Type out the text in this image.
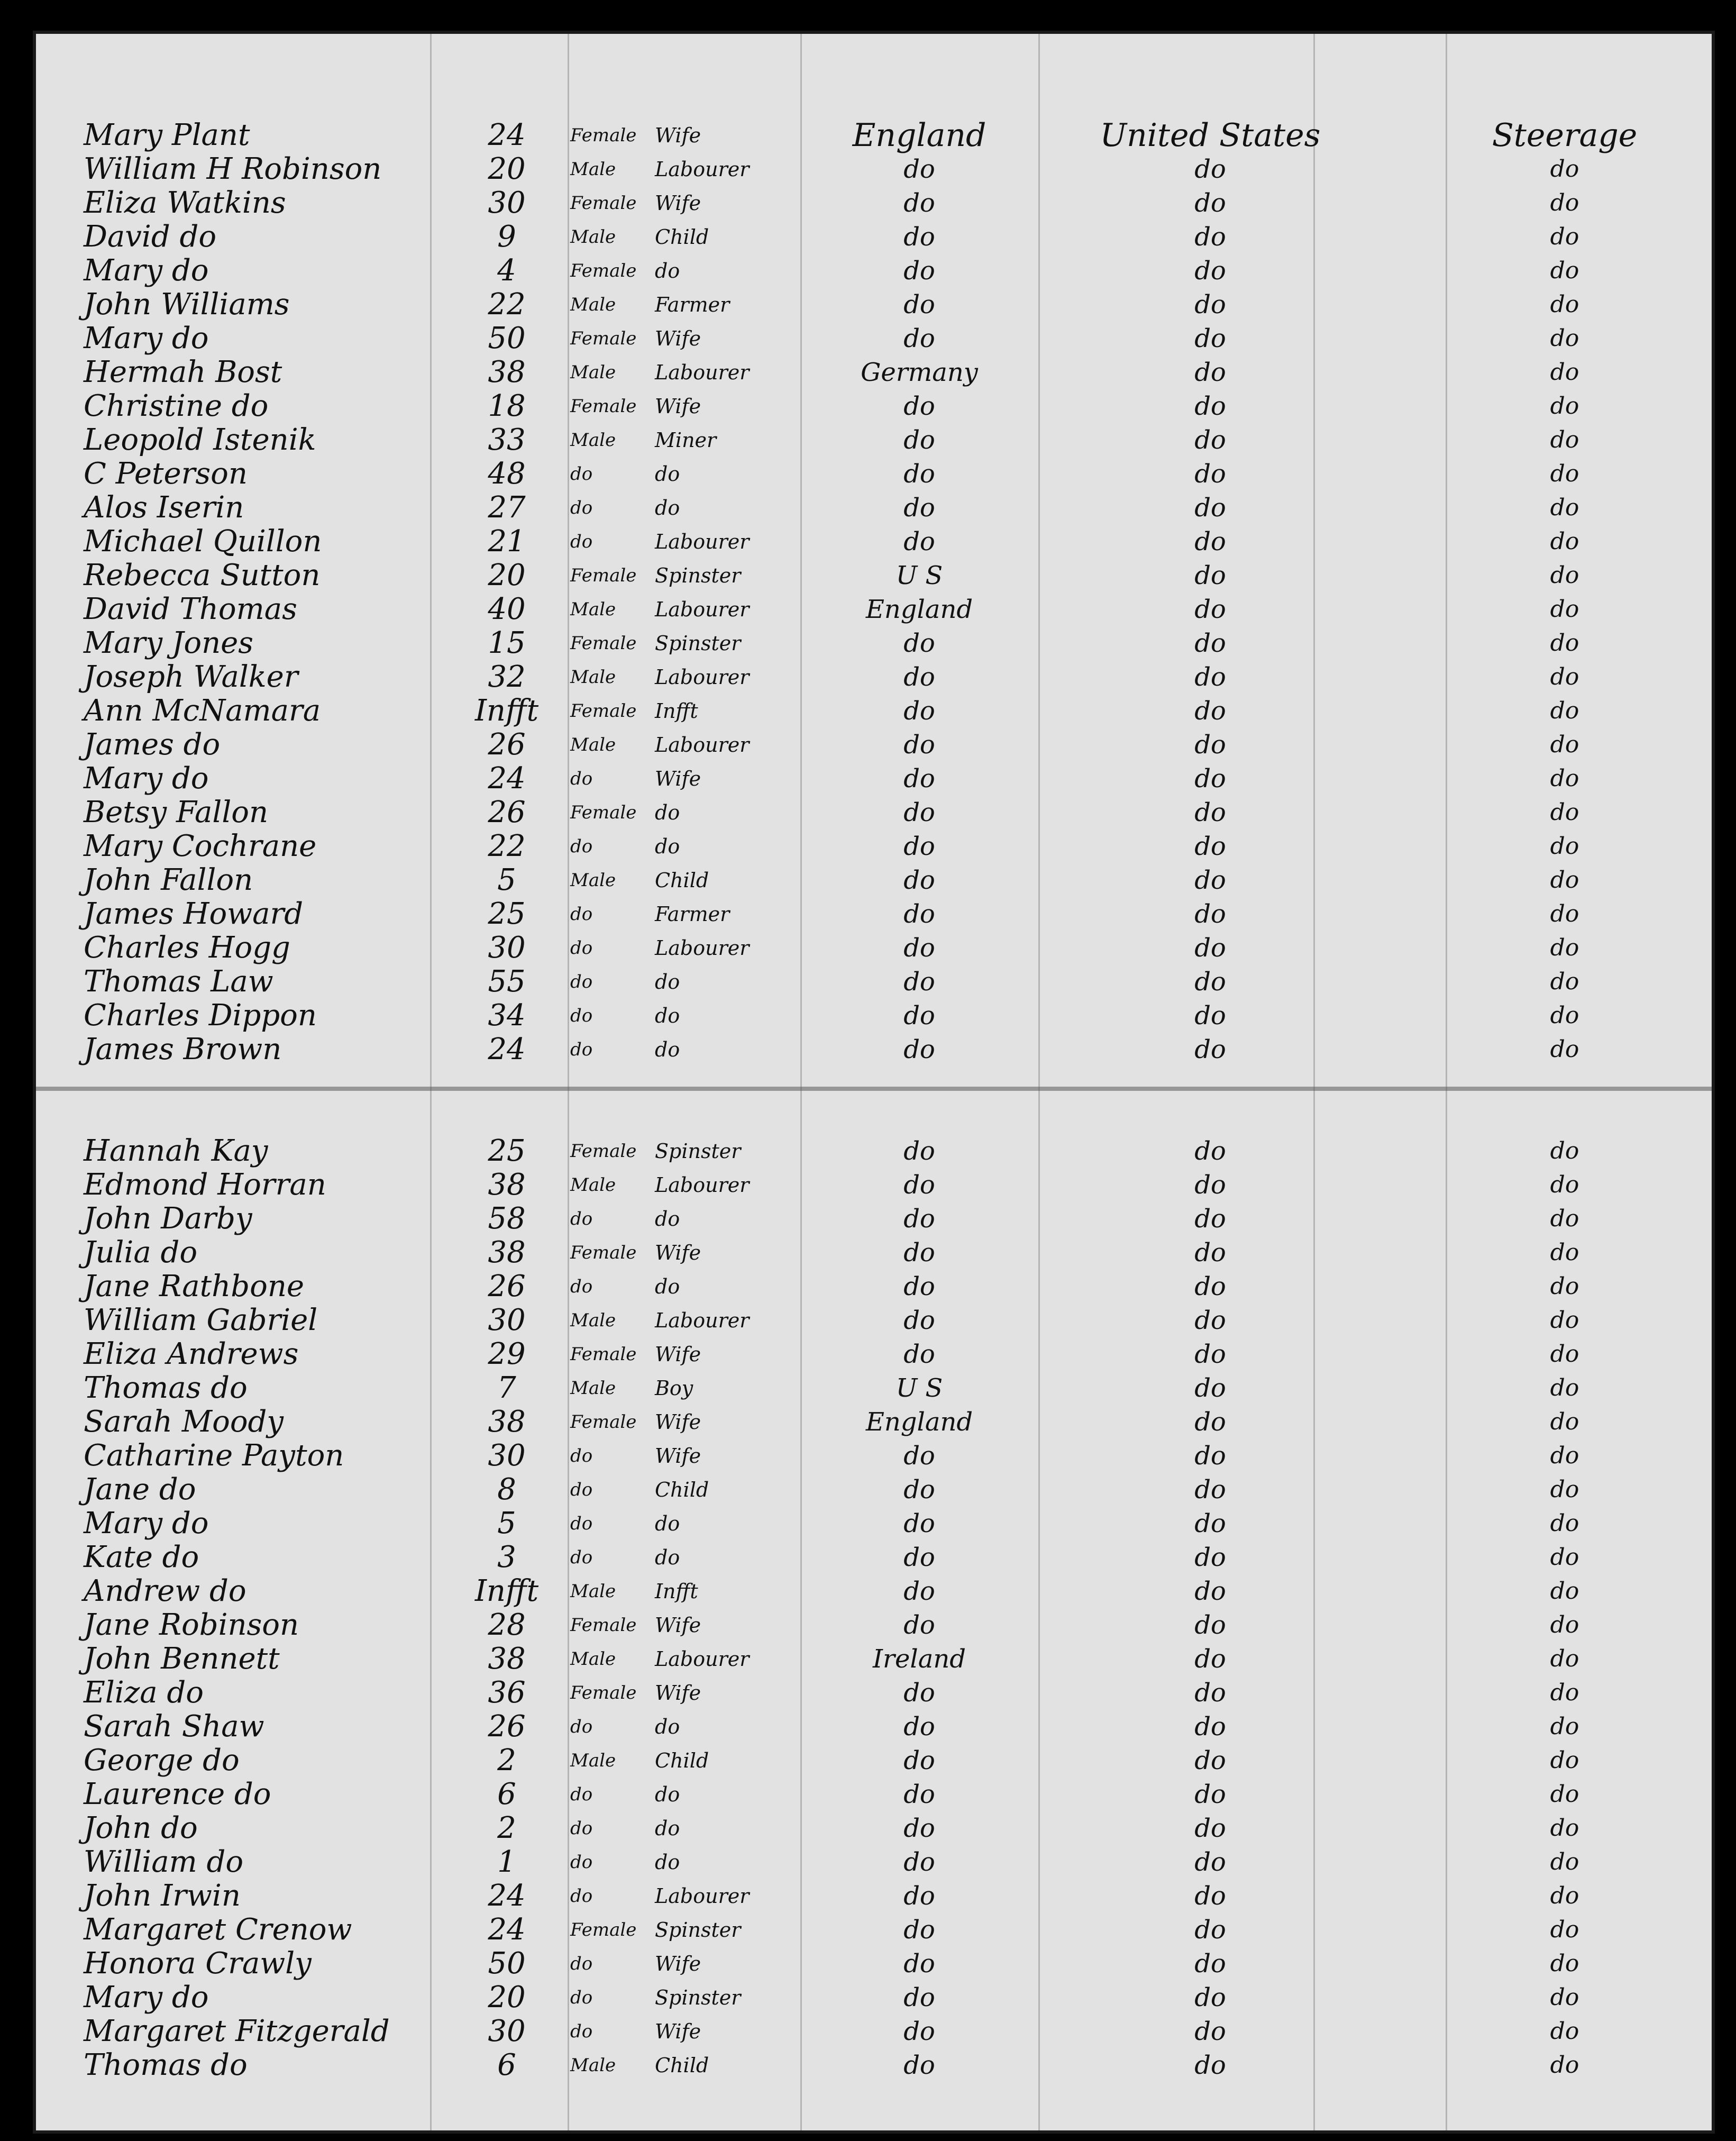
Mary Plant	24	Female Wife	England	United States	Steerage
William H Robinson	20	Male	Labourer	do	do	do
Eliza Watkins	30	Female Wife	do	do	do
David do	9	Male	Child	do	do	do
Mary do	4	Female do	do	do	do
John Williams	22	Male	Farmer	do	do	do
Mary do	50	Female Wife	do	do	do
Hermah Bost	38	Male	Labourer	Germany	do	do
Christine do	18	Female Wife	do	do	do
Leopold Istenik	33	Male	Miner	do	do	do
C Peterson	48	do	do	do	do	do
Alos Iserin	27	do	do	do	do	do
Michael Quillon	21	do	Labourer	do	do	do
Rebecca Sutton	20	Female Spinster	U S	do	do
David Thomas	40	Male	Labourer	England	do	do
Mary Jones	15	Female Spinster	do	do	do
Joseph Walker	32	Male	Labourer	do	do	do
Ann McNamara	Infft	Female Infft	do	do	do
James do	26	Male	Labourer	do	do	do
Mary do	24	do	Wife	do	do	do
Betsy Fallon	26	Female do	do	do	do
Mary Cochrane	22	do	do	do	do	do
John Fallon	5	Male	Child	do	do	do
James Howard	25	do	Farmer	do	do	do
Charles Hogg	30	do	Labourer	do	do	do
Thomas Law	55	do	do	do	do	do
Charles Dippon	34	do	do	do	do	do
James Brown	24	do	do	do	do	do
Hannah Kay	25	Female Spinster	do	do	do
Edmond Horran	38	Male	Labourer	do	do	do
John Darby	58	do	do	do	do	do
Julia do	38	Female Wife	do	do	do
Jane Rathbone	26	do	do	do	do	do
William Gabriel	30	Male	Labourer	do	do	do
Eliza Andrews	29	Female Wife	do	do	do
Thomas do	7	Male	Boy	U S	do	do
Sarah Moody	38	Female Wife	England	do	do
Catharine Payton	30	do	Wife	do	do	do
Jane do	8	do	Child	do	do	do
Mary do	5	do	do	do	do	do
Kate do	3	do	do	do	do	do
Andrew do	Infft	Male	Infft	do	do	do
Jane Robinson	28	Female Wife	do	do	do
John Bennett	38	Male	Labourer	Ireland	do	do
Eliza do	36	Female Wife	do	do	do
Sarah Shaw	26	do	do	do	do	do
George do	2	Male	Child	do	do	do
Laurence do	6	do	do	do	do	do
John do	2	do	do	do	do	do
William do	1	do	do	do	do	do
John Irwin	24	do	Labourer	do	do	do
Margaret Crenow	24	Female Spinster	do	do	do
Honora Crawly	50	do	Wife	do	do	do
Mary do	20	do	Spinster	do	do	do
Margaret Fitzgerald	30	do	Wife	do	do	do
Thomas do	6	Male	Child	do	do	do
